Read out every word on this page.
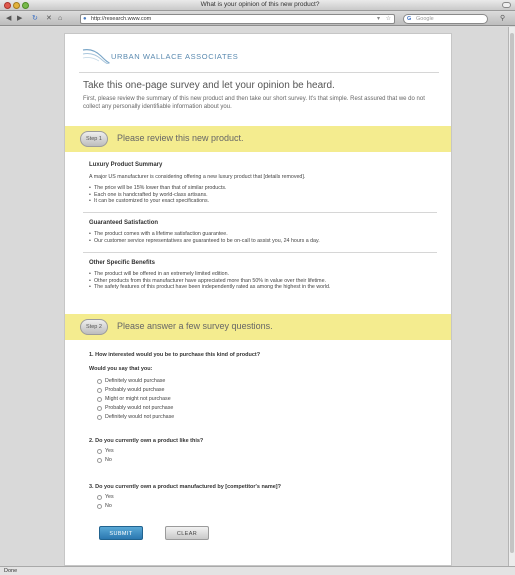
What is your opinion of this new product?
◀ ▶ ↻ ✕ ⌂	● http://research.www.com	▾ ☆	G Google	⚲
URBAN WALLACE ASSOCIATES
Take this one-page survey and let your opinion be heard.
First, please review the summary of this new product and then take our short survey. It's that simple. Rest assured that we do not collect any personally identifiable information about you.
Step 1	Please review this new product.
Luxury Product Summary
A major US manufacturer is considering offering a new luxury product that [details removed].
• The price will be 15% lower than that of similar products.
• Each one is handcrafted by world-class artisans.
• It can be customized to your exact specifications.
Guaranteed Satisfaction
• The product comes with a lifetime satisfaction guarantee.
• Our customer service representatives are guaranteed to be on-call to assist you, 24 hours a day.
Other Specific Benefits
• The product will be offered in an extremely limited edition.
• Other products from this manufacturer have appreciated more than 50% in value over their lifetime.
• The safety features of this product have been independently rated as among the highest in the world.
Step 2	Please answer a few survey questions.
1. How interested would you be to purchase this kind of product?
Would you say that you:
Definitely would purchase
Probably would purchase
Might or might not purchase
Probably would not purchase
Definitely would not purchase
2. Do you currently own a product like this?
Yes
No
3. Do you currently own a product manufactured by [competitor's name]?
Yes
No
SUBMIT	CLEAR
Done
